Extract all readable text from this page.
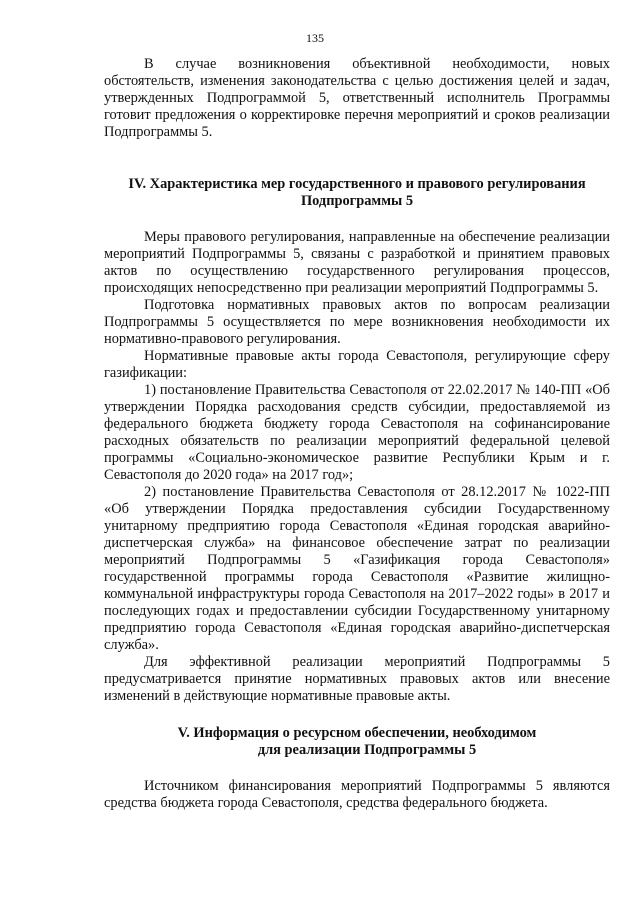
135

В случае возникновения объективной необходимости, новых обстоятельств, изменения законодательства с целью достижения целей и задач, утвержденных Подпрограммой 5, ответственный исполнитель Программы готовит предложения о корректировке перечня мероприятий и сроков реализации Подпрограммы 5.

IV. Характеристика мер государственного и правового регулирования Подпрограммы 5

Меры правового регулирования, направленные на обеспечение реализации мероприятий Подпрограммы 5, связаны с разработкой и принятием правовых актов по осуществлению государственного регулирования процессов, происходящих непосредственно при реализации мероприятий Подпрограммы 5.

Подготовка нормативных правовых актов по вопросам реализации Подпрограммы 5 осуществляется по мере возникновения необходимости их нормативно-правового регулирования.

Нормативные правовые акты города Севастополя, регулирующие сферу газификации:

1) постановление Правительства Севастополя от 22.02.2017 № 140-ПП «Об утверждении Порядка расходования средств субсидии, предоставляемой из федерального бюджета бюджету города Севастополя на софинансирование расходных обязательств по реализации мероприятий федеральной целевой программы «Социально-экономическое развитие Республики Крым и г. Севастополя до 2020 года» на 2017 год»;

2) постановление Правительства Севастополя от 28.12.2017 № 1022-ПП «Об утверждении Порядка предоставления субсидии Государственному унитарному предприятию города Севастополя «Единая городская аварийно-диспетчерская служба» на финансовое обеспечение затрат по реализации мероприятий Подпрограммы 5 «Газификация города Севастополя» государственной программы города Севастополя «Развитие жилищно-коммунальной инфраструктуры города Севастополя на 2017–2022 годы» в 2017 и последующих годах и предоставлении субсидии Государственному унитарному предприятию города Севастополя «Единая городская аварийно-диспетчерская служба».

Для эффективной реализации мероприятий Подпрограммы 5 предусматривается принятие нормативных правовых актов или внесение изменений в действующие нормативные правовые акты.

V. Информация о ресурсном обеспечении, необходимом
для реализации Подпрограммы 5

Источником финансирования мероприятий Подпрограммы 5 являются средства бюджета города Севастополя, средства федерального бюджета.
